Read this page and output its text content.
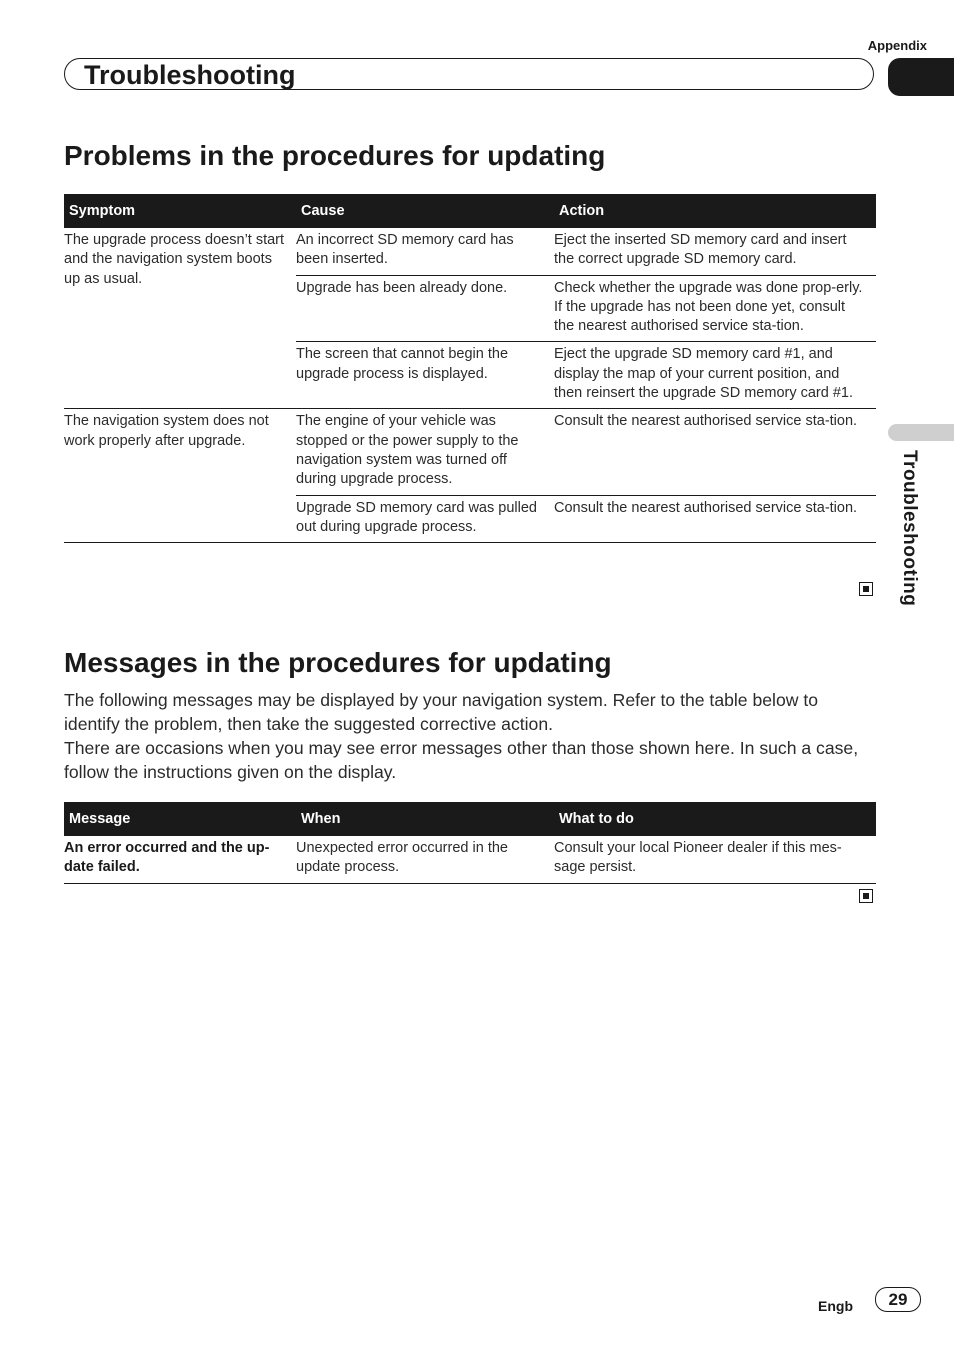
Appendix
Troubleshooting
Troubleshooting
Problems in the procedures for updating
Symptom	Cause	Action
The upgrade process doesn’t start and the navigation system boots up as usual.	An incorrect SD memory card has been inserted.	Eject the inserted SD memory card and insert the correct upgrade SD memory card.
	Upgrade has been already done.	Check whether the upgrade was done prop-erly. If the upgrade has not been done yet, consult the nearest authorised service sta-tion.
	The screen that cannot begin the upgrade process is displayed.	Eject the upgrade SD memory card #1, and display the map of your current position, and then reinsert the upgrade SD memory card #1.
The navigation system does not work properly after upgrade.	The engine of your vehicle was stopped or the power supply to the navigation system was turned off during upgrade process.	Consult the nearest authorised service sta-tion.
	Upgrade SD memory card was pulled out during upgrade process.	Consult the nearest authorised service sta-tion.
Messages in the procedures for updating

The following messages may be displayed by your navigation system. Refer to the table below to identify the problem, then take the suggested corrective action.

There are occasions when you may see error messages other than those shown here. In such a case, follow the instructions given on the display.

Message	When	What to do
An error occurred and the up-date failed.	Unexpected error occurred in the update process.	Consult your local Pioneer dealer if this mes-sage persist.
Engb	29
